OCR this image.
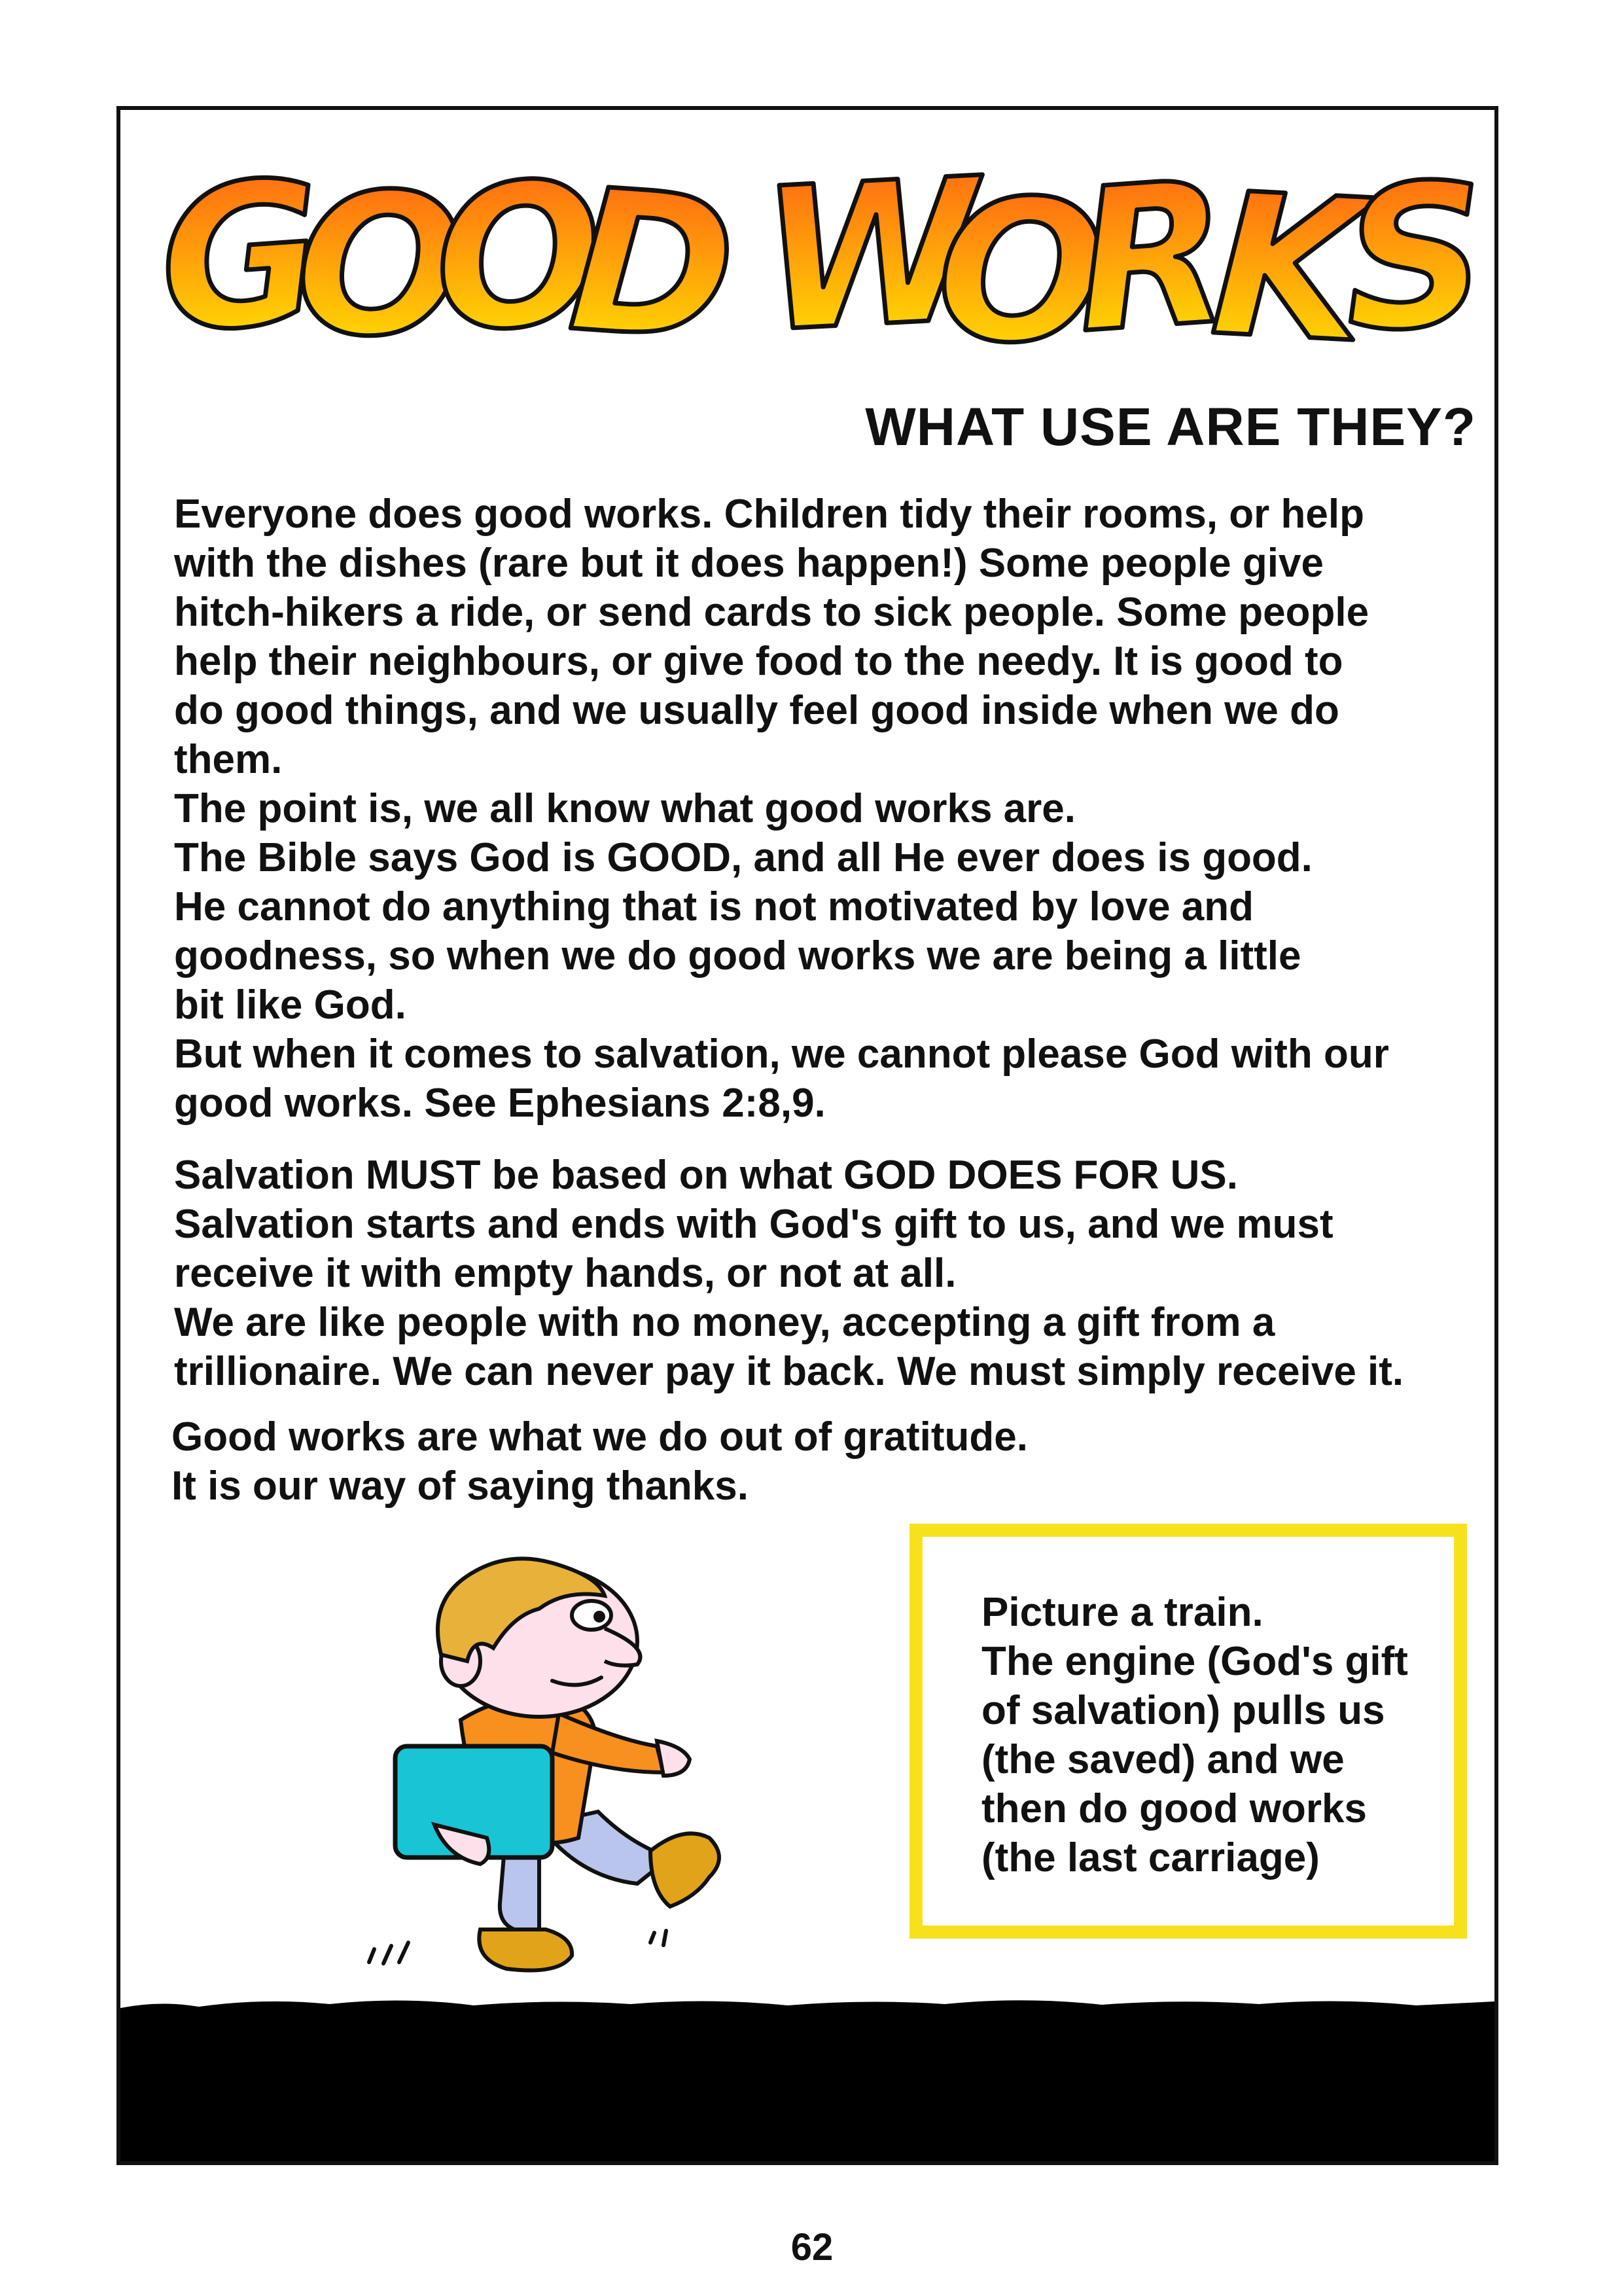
G
O
O
D W
O
R
K
S
WHAT USE ARE THEY?

Everyone does good works. Children tidy their rooms, or help
with the dishes (rare but it does happen!) Some people give
hitch-hikers a ride, or send cards to sick people. Some people
help their neighbours, or give food to the needy. It is good to
do good things, and we usually feel good inside when we do
them.
The point is, we all know what good works are.
The Bible says God is GOOD, and all He ever does is good.
He cannot do anything that is not motivated by love and
goodness, so when we do good works we are being a little
bit like God.
But when it comes to salvation, we cannot please God with our
good works. See Ephesians 2:8,9.

Salvation MUST be based on what GOD DOES FOR US.
Salvation starts and ends with God's gift to us, and we must
receive it with empty hands, or not at all.
We are like people with no money, accepting a gift from a
trillionaire. We can never pay it back. We must simply receive it.

Good works are what we do out of gratitude.
It is our way of saying thanks.

Picture a train.
The engine (God's gift
of salvation) pulls us
(the saved) and we
then do good works
(the last carriage)

62
